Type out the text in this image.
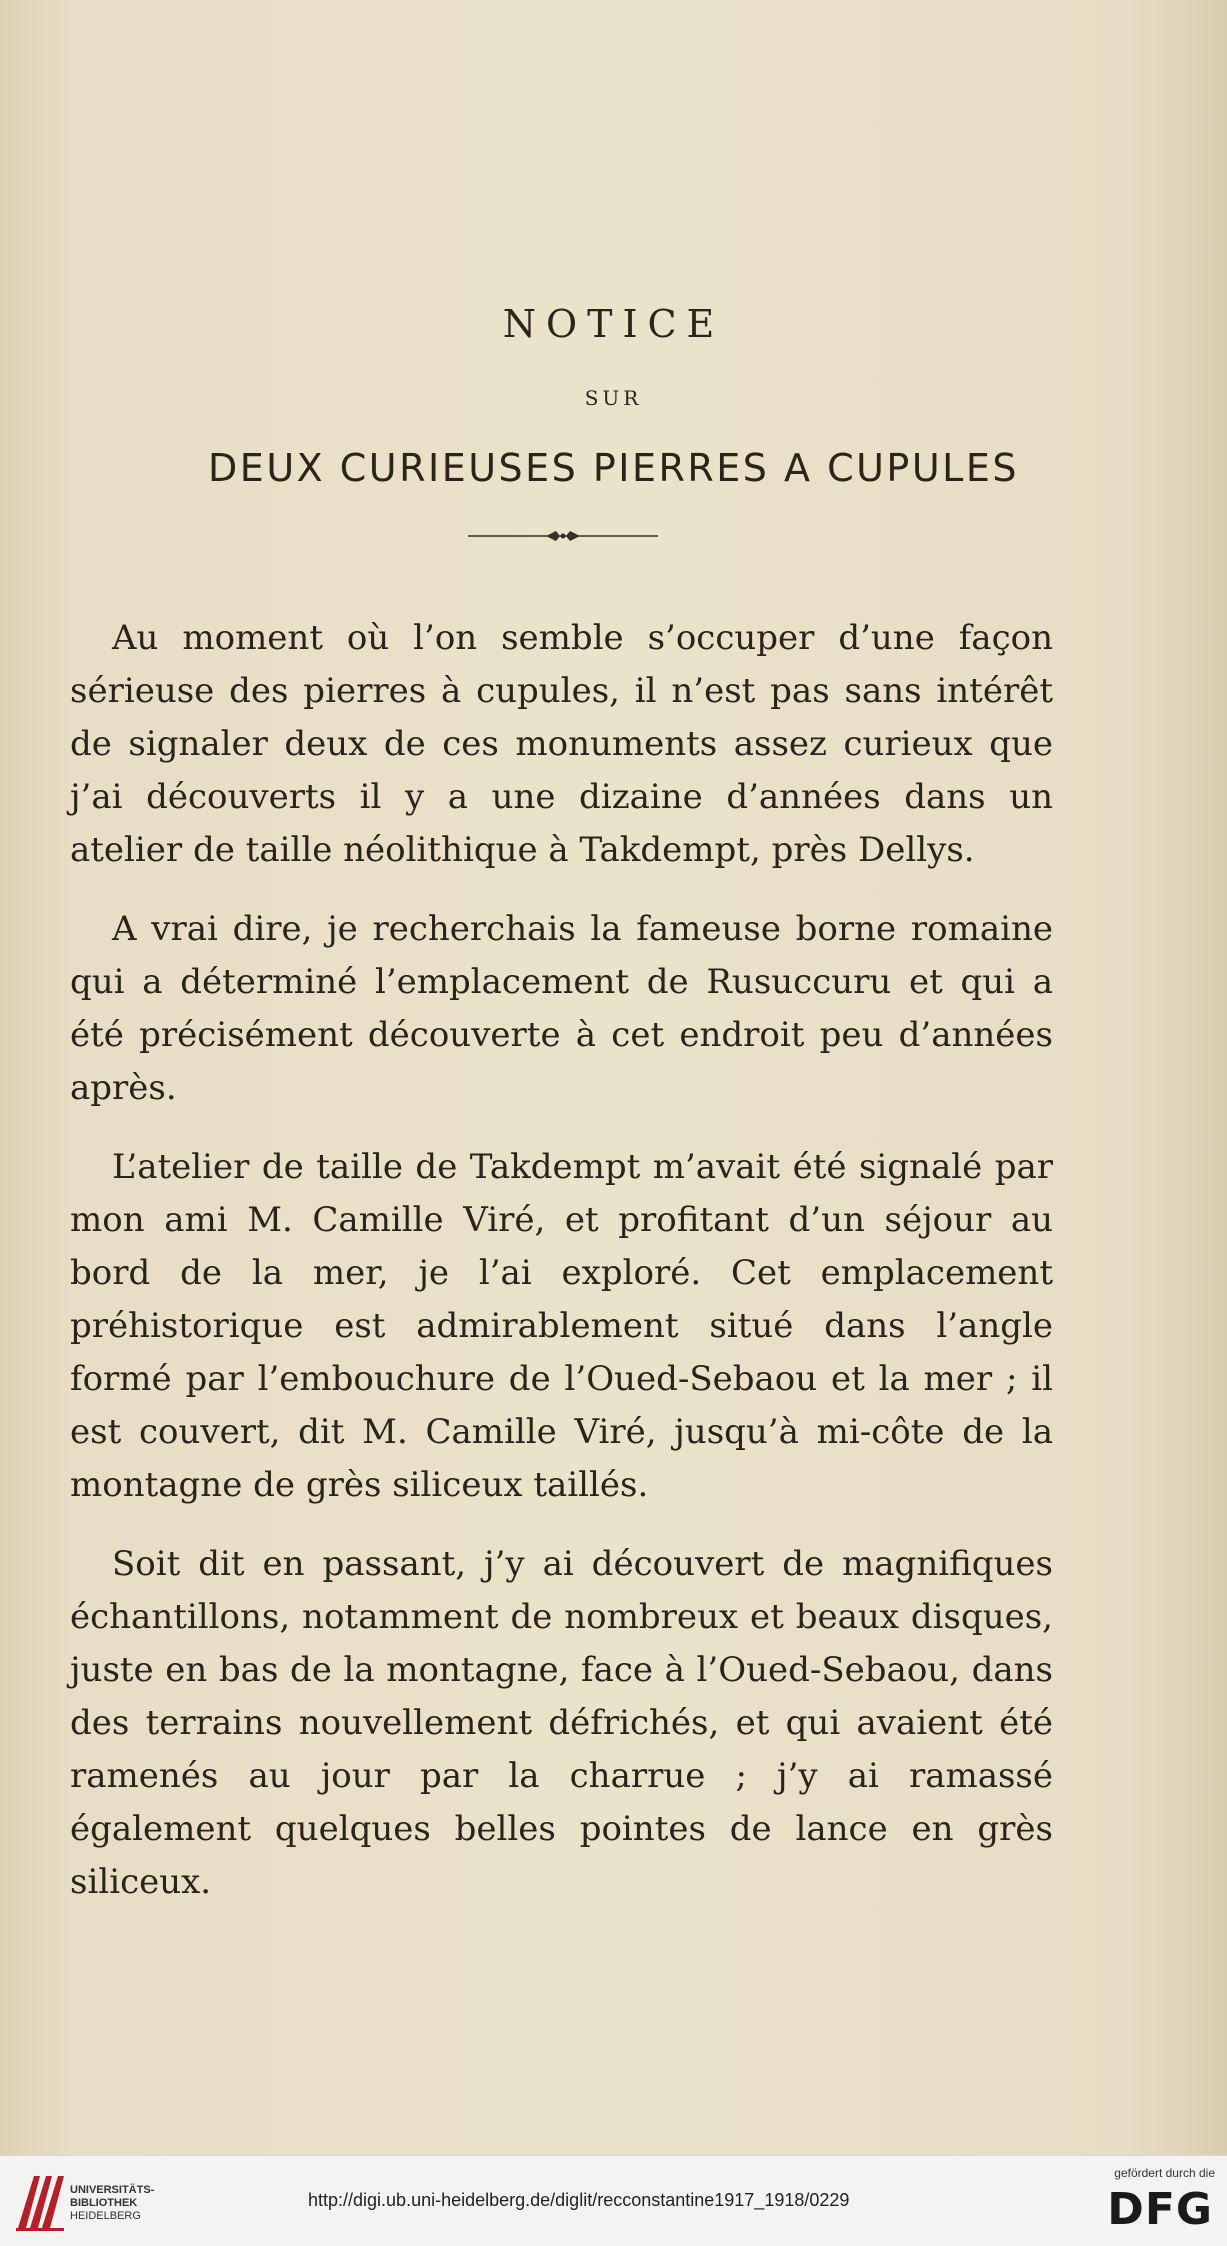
NOTICE
SUR
DEUX CURIEUSES PIERRES A CUPULES

Au moment où l’on semble s’occuper d’une façon sérieuse des pierres à cupules, il n’est pas sans intérêt de signaler deux de ces monuments assez curieux que j’ai découverts il y a une dizaine d’années dans un atelier de taille néolithique à Takdempt, près Dellys.

A vrai dire, je recherchais la fameuse borne romaine qui a déterminé l’emplacement de Rusuccuru et qui a été précisément découverte à cet endroit peu d’années après.

L’atelier de taille de Takdempt m’avait été signalé par mon ami M. Camille Viré, et profitant d’un séjour au bord de la mer, je l’ai exploré. Cet emplacement préhistorique est admirablement situé dans l’angle formé par l’embouchure de l’Oued-Sebaou et la mer ; il est couvert, dit M. Camille Viré, jusqu’à mi-côte de la montagne de grès siliceux taillés.

Soit dit en passant, j’y ai découvert de magnifiques échantillons, notamment de nombreux et beaux disques, juste en bas de la montagne, face à l’Oued-Sebaou, dans des terrains nouvellement défrichés, et qui avaient été ramenés au jour par la charrue ; j’y ai ramassé également quelques belles pointes de lance en grès siliceux.

UNIVERSITÄTS-
BIBLIOTHEK
HEIDELBERG
http://digi.ub.uni-heidelberg.de/diglit/recconstantine1917_1918/0229
gefördert durch die
DFG
